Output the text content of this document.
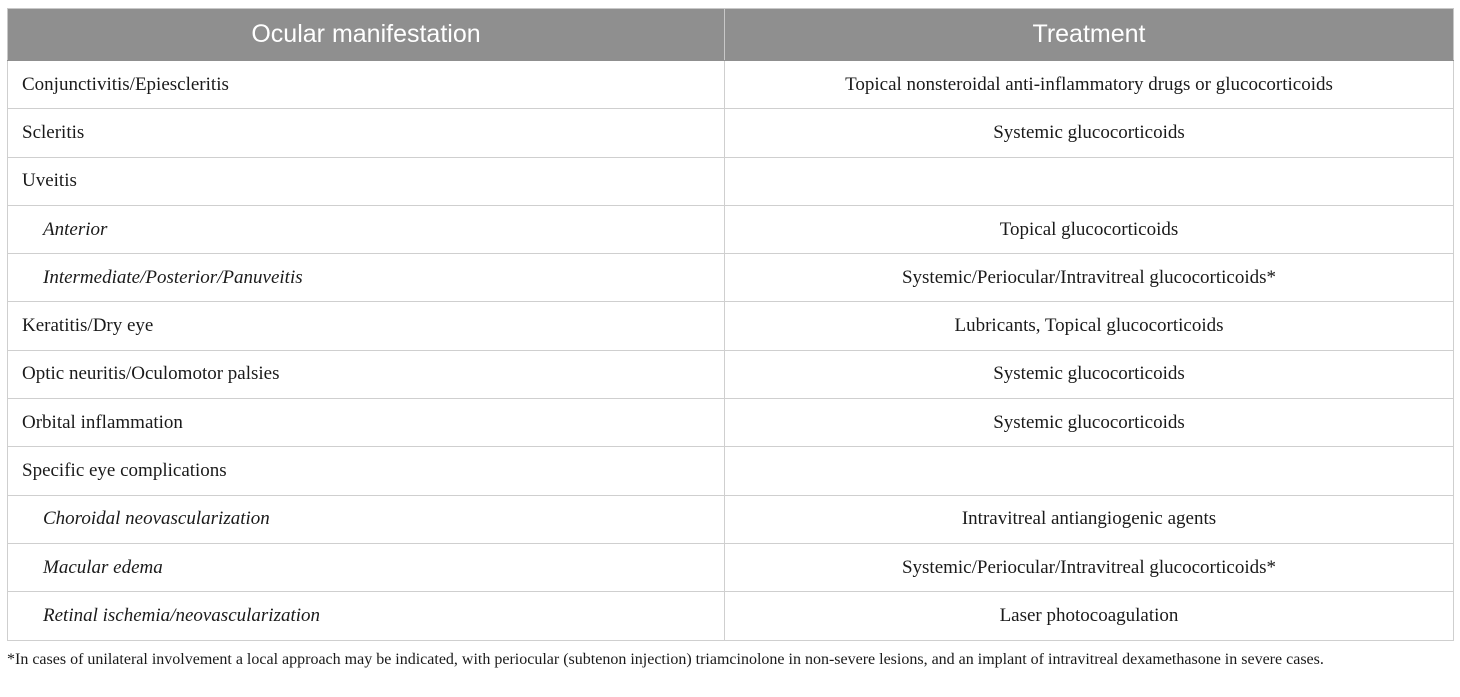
Ocular manifestation	Treatment
Conjunctivitis/Epiescleritis	Topical nonsteroidal anti-inflammatory drugs or glucocorticoids
Scleritis	Systemic glucocorticoids
Uveitis	
Anterior	Topical glucocorticoids
Intermediate/Posterior/Panuveitis	Systemic/Periocular/Intravitreal glucocorticoids*
Keratitis/Dry eye	Lubricants, Topical glucocorticoids
Optic neuritis/Oculomotor palsies	Systemic glucocorticoids
Orbital inflammation	Systemic glucocorticoids
Specific eye complications	
Choroidal neovascularization	Intravitreal antiangiogenic agents
Macular edema	Systemic/Periocular/Intravitreal glucocorticoids*
Retinal ischemia/neovascularization	Laser photocoagulation
*In cases of unilateral involvement a local approach may be indicated, with periocular (subtenon injection) triamcinolone in non-severe lesions, and an implant of intravitreal dexamethasone in severe cases.
